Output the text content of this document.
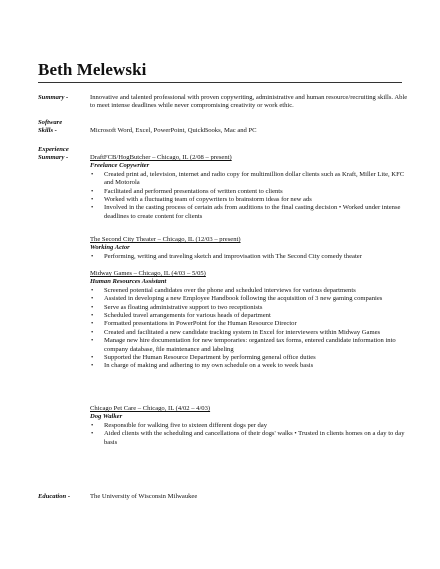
Beth Melewski
Summary -	Innovative and talented professional with proven copywriting, administrative and human resource/recruiting skills. Able to meet intense deadlines while never compromising creativity or work ethic.
Software
Skills -	Microsoft Word, Excel, PowerPoint, QuickBooks, Mac and PC
Experience
Summary -	DraftFCB/HogButcher – Chicago, IL (2/08 – present)
Freelance Copywriter
• Created print ad, television, internet and radio copy for multimillion dollar clients such as Kraft, Miller Lite, KFC and Motorola
• Facilitated and performed presentations of written content to clients
• Worked with a fluctuating team of copywriters to brainstorm ideas for new ads
• Involved in the casting process of certain ads from auditions to the final casting decision • Worked under intense deadlines to create content for clients
The Second City Theater – Chicago, IL (12/03 – present)
Working Actor
• Performing, writing and traveling sketch and improvisation with The Second City comedy theater
Midway Games – Chicago, IL (4/03 – 5/05)
Human Resources Assistant
• Screened potential candidates over the phone and scheduled interviews for various departments
• Assisted in developing a new Employee Handbook following the acquisition of 3 new gaming companies
• Serve as floating administrative support to two receptionists
• Scheduled travel arrangements for various heads of department
• Formatted presentations in PowerPoint for the Human Resource Director
• Created and facilitated a new candidate tracking system in Excel for interviewers within Midway Games
• Manage new hire documentation for new temporaries: organized tax forms, entered candidate information into company database, file maintenance and labeling
• Supported the Human Resource Department by performing general office duties
• In charge of making and adhering to my own schedule on a week to week basis
Chicago Pet Care – Chicago, IL (4/02 – 4/03)
Dog Walker
• Responsible for walking five to sixteen different dogs per day
• Aided clients with the scheduling and cancellations of their dogs' walks • Trusted in clients homes on a day to day basis
Education -	The University of Wisconsin Milwaukee
